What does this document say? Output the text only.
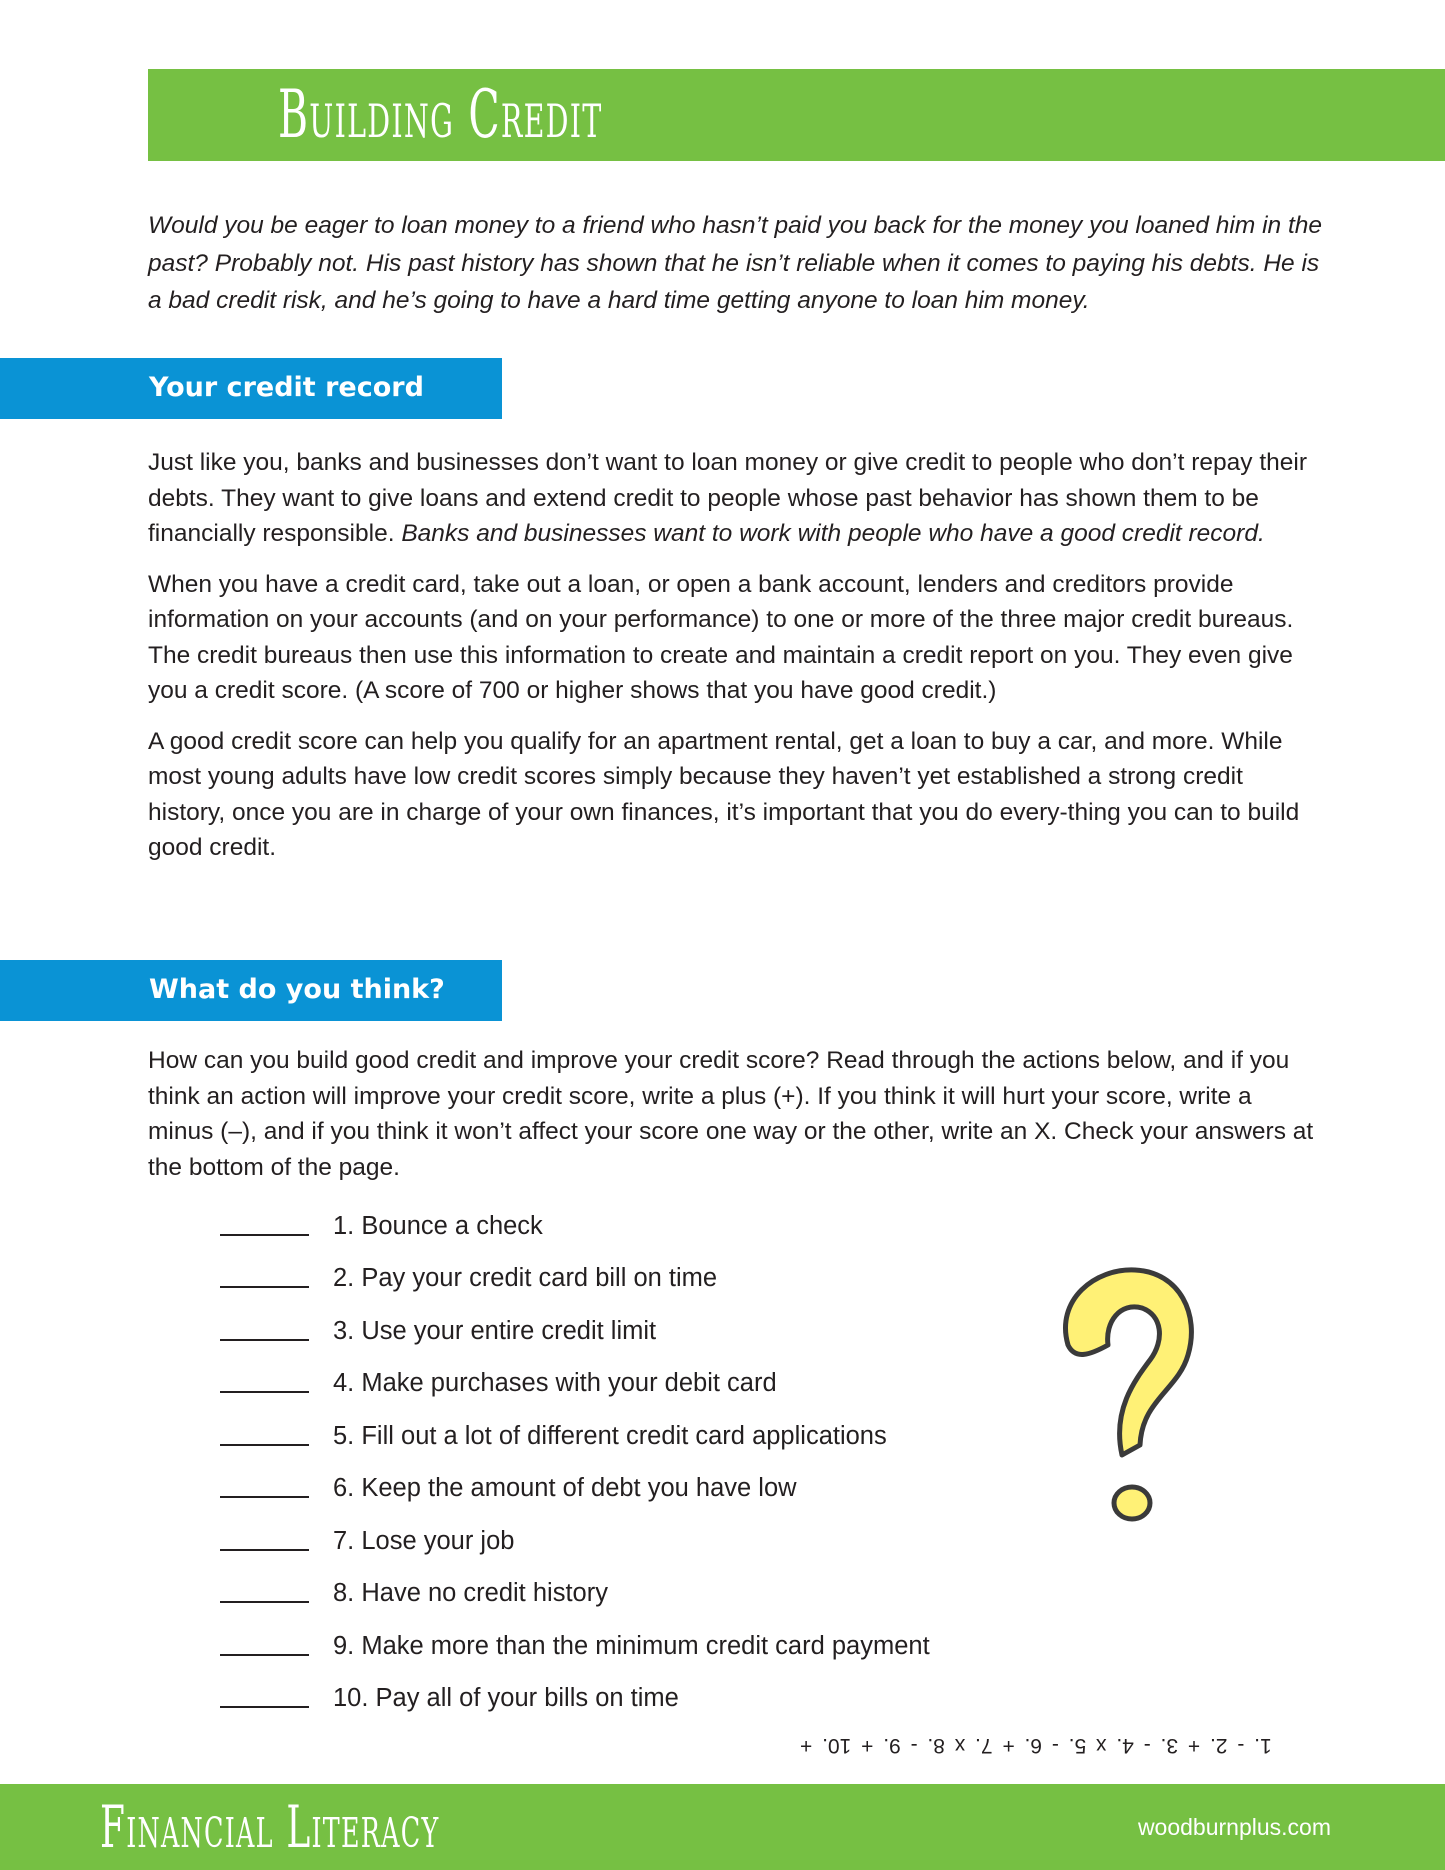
Building Credit

Would you be eager to loan money to a friend who hasn’t paid you back for the money you loaned him in the past? Probably not. His past history has shown that he isn’t reliable when it comes to paying his debts. He is a bad credit risk, and he’s going to have a hard time getting anyone to loan him money.

Your credit record

Just like you, banks and businesses don’t want to loan money or give credit to people who don’t repay their debts. They want to give loans and extend credit to people whose past behavior has shown them to be financially responsible. Banks and businesses want to work with people who have a good credit record.

When you have a credit card, take out a loan, or open a bank account, lenders and creditors provide information on your accounts (and on your performance) to one or more of the three major credit bureaus. The credit bureaus then use this information to create and maintain a credit report on you. They even give you a credit score. (A score of 700 or higher shows that you have good credit.)

A good credit score can help you qualify for an apartment rental, get a loan to buy a car, and more. While most young adults have low credit scores simply because they haven’t yet established a strong credit history, once you are in charge of your own finances, it’s important that you do every-thing you can to build good credit.

What do you think?

How can you build good credit and improve your credit score? Read through the actions below, and if you think an action will improve your credit score, write a plus (+). If you think it will hurt your score, write a minus (–), and if you think it won’t affect your score one way or the other, write an X. Check your answers at the bottom of the page.

1. Bounce a check
2. Pay your credit card bill on time
3. Use your entire credit limit
4. Make purchases with your debit card
5. Fill out a lot of different credit card applications
6. Keep the amount of debt you have low
7. Lose your job
8. Have no credit history
9. Make more than the minimum credit card payment
10. Pay all of your bills on time
1. - 2. + 3. - 4. x 5. - 6. + 7. x 8. - 9. + 10. +
Financial Literacy	woodburnplus.com
